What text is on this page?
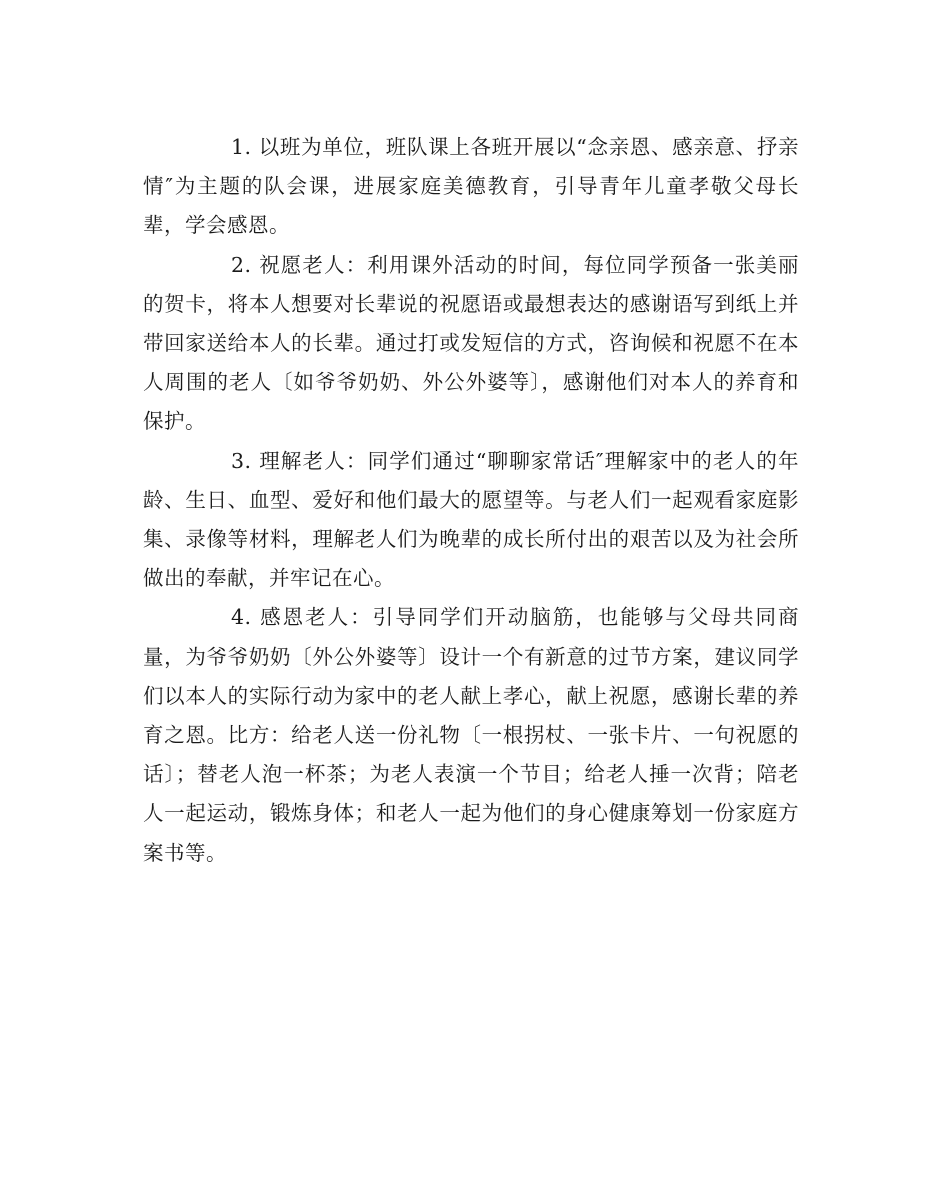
1. 以班为单位，班队课上各班开展以“念亲恩、感亲意、抒亲情″为主题的队会课，进展家庭美德教育，引导青年儿童孝敬父母长辈，学会感恩。

2. 祝愿老人：利用课外活动的时间，每位同学预备一张美丽的贺卡，将本人想要对长辈说的祝愿语或最想表达的感谢语写到纸上并带回家送给本人的长辈。通过打或发短信的方式，咨询候和祝愿不在本人周围的老人〔如爷爷奶奶、外公外婆等〕，感谢他们对本人的养育和保护。

3. 理解老人：同学们通过“聊聊家常话″理解家中的老人的年龄、生日、血型、爱好和他们最大的愿望等。与老人们一起观看家庭影集、录像等材料，理解老人们为晚辈的成长所付出的艰苦以及为社会所做出的奉献，并牢记在心。

4. 感恩老人：引导同学们开动脑筋，也能够与父母共同商量，为爷爷奶奶〔外公外婆等〕设计一个有新意的过节方案，建议同学们以本人的实际行动为家中的老人献上孝心，献上祝愿，感谢长辈的养育之恩。比方：给老人送一份礼物〔一根拐杖、一张卡片、一句祝愿的话〕；替老人泡一杯茶；为老人表演一个节目；给老人捶一次背；陪老人一起运动，锻炼身体；和老人一起为他们的身心健康筹划一份家庭方案书等。
